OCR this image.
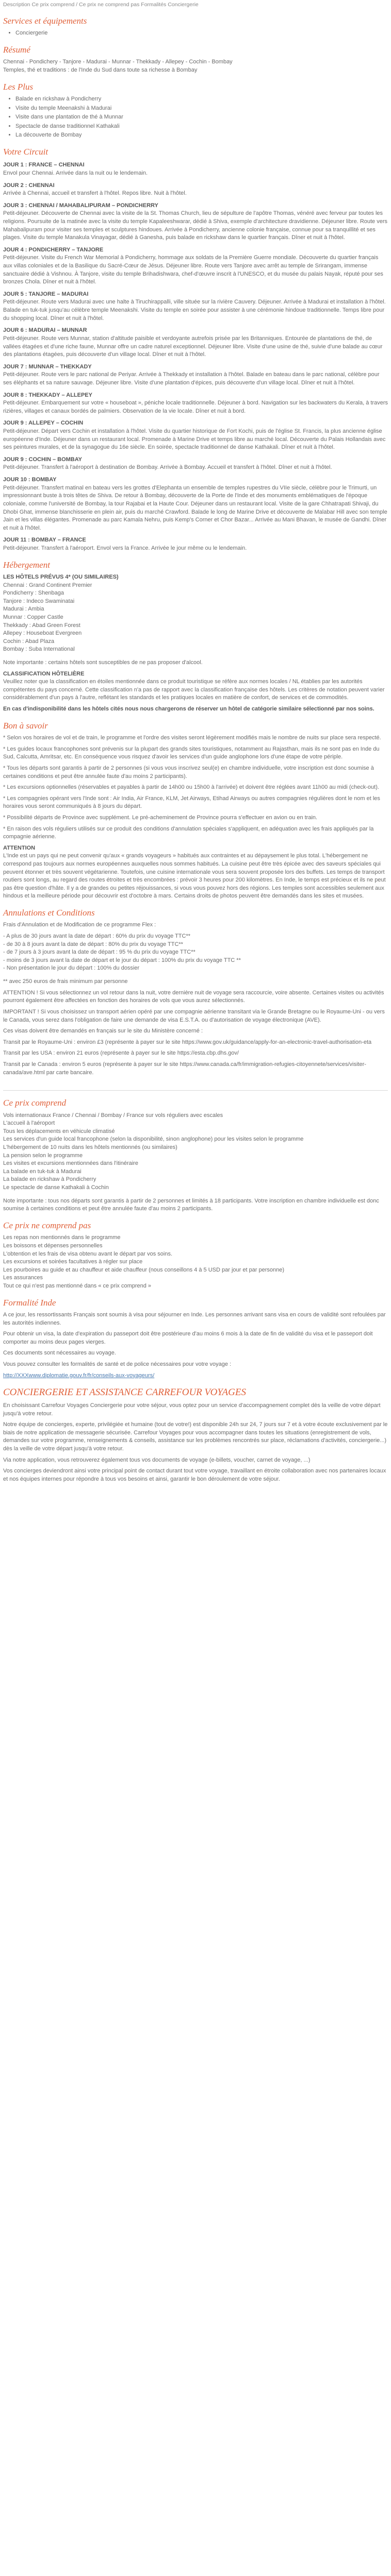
Description Ce prix comprend / Ce prix ne comprend pas Formalités Conciergerie
Services et équipements
• Conciergerie
Résumé

Chennai - Pondichery - Tanjore - Madurai - Munnar - Thekkady - Allepey - Cochin - Bombay
Temples, thé et traditions : de l'Inde du Sud dans toute sa richesse à Bombay

Les Plus
• Balade en rickshaw à Pondicherry
• Visite du temple Meenakshi à Madurai
• Visite dans une plantation de thé à Munnar
• Spectacle de danse traditionnel Kathakali
• La découverte de Bombay
Votre Circuit
JOUR 1 : FRANCE – CHENNAI

Envol pour Chennai. Arrivée dans la nuit ou le lendemain.

JOUR 2 : CHENNAI

Arrivée à Chennai, accueil et transfert à l'hôtel. Repos libre. Nuit à l'hôtel.

JOUR 3 : CHENNAI / MAHABALIPURAM – PONDICHERRY

Petit-déjeuner. Découverte de Chennai avec la visite de la St. Thomas Church, lieu de sépulture de l'apôtre Thomas, vénéré avec ferveur par toutes les religions. Poursuite de la matinée avec la visite du temple Kapaleeshwarar, dédié à Shiva, exemple d'architecture dravidienne. Déjeuner libre. Route vers Mahabalipuram pour visiter ses temples et sculptures hindoues. Arrivée à Pondicherry, ancienne colonie française, connue pour sa tranquillité et ses plages. Visite du temple Manakula Vinayagar, dédié à Ganesha, puis balade en rickshaw dans le quartier français. Dîner et nuit à l'hôtel.

JOUR 4 : PONDICHERRY – TANJORE

Petit-déjeuner. Visite du French War Memorial à Pondicherry, hommage aux soldats de la Première Guerre mondiale. Découverte du quartier français aux villas coloniales et de la Basilique du Sacré-Cœur de Jésus. Déjeuner libre. Route vers Tanjore avec arrêt au temple de Srirangam, immense sanctuaire dédié à Vishnou. À Tanjore, visite du temple Brihadishwara, chef-d'œuvre inscrit à l'UNESCO, et du musée du palais Nayak, réputé pour ses bronzes Chola. Dîner et nuit à l'hôtel.

JOUR 5 : TANJORE – MADURAI

Petit-déjeuner. Route vers Madurai avec une halte à Tiruchirappalli, ville située sur la rivière Cauvery. Déjeuner. Arrivée à Madurai et installation à l'hôtel. Balade en tuk-tuk jusqu'au célèbre temple Meenakshi. Visite du temple en soirée pour assister à une cérémonie hindoue traditionnelle. Temps libre pour du shopping local. Dîner et nuit à l'hôtel.

JOUR 6 : MADURAI – MUNNAR

Petit-déjeuner. Route vers Munnar, station d'altitude paisible et verdoyante autrefois prisée par les Britanniques. Entourée de plantations de thé, de vallées étagées et d'une riche faune, Munnar offre un cadre naturel exceptionnel. Déjeuner libre. Visite d'une usine de thé, suivie d'une balade au cœur des plantations étagées, puis découverte d'un village local. Dîner et nuit à l'hôtel.

JOUR 7 : MUNNAR – THEKKADY

Petit-déjeuner. Route vers le parc national de Periyar. Arrivée à Thekkady et installation à l'hôtel. Balade en bateau dans le parc national, célèbre pour ses éléphants et sa nature sauvage. Déjeuner libre. Visite d'une plantation d'épices, puis découverte d'un village local. Dîner et nuit à l'hôtel.

JOUR 8 : THEKKADY – ALLEPEY

Petit-déjeuner. Embarquement sur votre « houseboat », péniche locale traditionnelle. Déjeuner à bord. Navigation sur les backwaters du Kerala, à travers rizières, villages et canaux bordés de palmiers. Observation de la vie locale. Dîner et nuit à bord.

JOUR 9 : ALLEPEY – COCHIN

Petit-déjeuner. Départ vers Cochin et installation à l'hôtel. Visite du quartier historique de Fort Kochi, puis de l'église St. Francis, la plus ancienne église européenne d'Inde. Déjeuner dans un restaurant local. Promenade à Marine Drive et temps libre au marché local. Découverte du Palais Hollandais avec ses peintures murales, et de la synagogue du 16e siècle. En soirée, spectacle traditionnel de danse Kathakali. Dîner et nuit à l'hôtel.

JOUR 9 : COCHIN – BOMBAY

Petit-déjeuner. Transfert à l'aéroport à destination de Bombay. Arrivée à Bombay. Accueil et transfert à l'hôtel. Dîner et nuit à l'hôtel.

JOUR 10 : BOMBAY

Petit-déjeuner. Transfert matinal en bateau vers les grottes d'Elephanta un ensemble de temples rupestres du VIIe siècle, célèbre pour le Trimurti, un impressionnant buste à trois têtes de Shiva. De retour à Bombay, découverte de la Porte de l'Inde et des monuments emblématiques de l'époque coloniale, comme l'université de Bombay, la tour Rajabai et la Haute Cour. Déjeuner dans un restaurant local. Visite de la gare Chhatrapati Shivaji, du Dhobi Ghat, immense blanchisserie en plein air, puis du marché Crawford. Balade le long de Marine Drive et découverte de Malabar Hill avec son temple Jain et les villas élégantes. Promenade au parc Kamala Nehru, puis Kemp's Corner et Chor Bazar... Arrivée au Mani Bhavan, le musée de Gandhi. Dîner et nuit à l'hôtel.

JOUR 11 : BOMBAY – FRANCE

Petit-déjeuner. Transfert à l'aéroport. Envol vers la France. Arrivée le jour même ou le lendemain.

Hébergement
LES HÔTELS PRÉVUS 4* (OU SIMILAIRES)
Chennai : Grand Continent Premier
Pondicherry : Shenbaga
Tanjore : Indeco Swaminatai
Madurai : Ambia
Munnar : Copper Castle
Thekkady : Abad Green Forest
Allepey : Houseboat Evergreen
Cochin : Abad Plaza
Bombay : Suba International

Note importante : certains hôtels sont susceptibles de ne pas proposer d'alcool.

CLASSIFICATION HÔTELIÈRE

Veuillez noter que la classification en étoiles mentionnée dans ce produit touristique se réfère aux normes locales / NL établies par les autorités compétentes du pays concerné. Cette classification n'a pas de rapport avec la classification française des hôtels. Les critères de notation peuvent varier considérablement d'un pays à l'autre, reflétant les standards et les pratiques locales en matière de confort, de services et de commodités.

En cas d'indisponibilité dans les hôtels cités nous nous chargerons de réserver un hôtel de catégorie similaire sélectionné par nos soins.

Bon à savoir

* Selon vos horaires de vol et de train, le programme et l'ordre des visites seront légèrement modifiés mais le nombre de nuits sur place sera respecté.

* Les guides locaux francophones sont prévenis sur la plupart des grands sites touristiques, notamment au Rajasthan, mais ils ne sont pas en Inde du Sud, Calcutta, Amritsar, etc. En conséquence vous risquez d'avoir les services d'un guide anglophone lors d'une étape de votre périple.

* Tous les départs sont garantis à partir de 2 personnes (si vous vous inscrivez seul(e) en chambre individuelle, votre inscription est donc soumise à certaines conditions et peut être annulée faute d'au moins 2 participants).

* Les excursions optionnelles (réservables et payables à partir de 14h00 ou 15h00 à l'arrivée) et doivent être réglées avant 11h00 au midi (check-out).

* Les compagnies opérant vers l'Inde sont : Air India, Air France, KLM, Jet Airways, Etihad Airways ou autres compagnies régulières dont le nom et les horaires vous seront communiqués à 8 jours du départ.

* Possibilité départs de Province avec supplément. Le pré-acheminement de Province pourra s'effectuer en avion ou en train.

* En raison des vols réguliers utilisés sur ce produit des conditions d'annulation spéciales s'appliquent, en adéquation avec les frais appliqués par la compagnie aérienne.

ATTENTION

L'Inde est un pays qui ne peut convenir qu'aux « grands voyageurs » habitués aux contraintes et au dépaysement le plus total. L'hébergement ne correspond pas toujours aux normes européennes auxquelles nous sommes habitués. La cuisine peut être très épicée avec des saveurs spéciales qui peuvent étonner et très souvent végétarienne. Toutefois, une cuisine internationale vous sera souvent proposée lors des buffets. Les temps de transport routiers sont longs, au regard des routes étroites et très encombrées : prévoir 3 heures pour 200 kilomètres. En Inde, le temps est précieux et ils ne peut pas être question d'hâte. Il y a de grandes ou petites réjouissances, si vous vous pouvez hors des régions. Les temples sont accessibles seulement aux hindous et la meilleure période pour découvrir est d'octobre à mars. Certains droits de photos peuvent être demandés dans les sites et musées.

Annulations et Conditions

Frais d'Annulation et de Modification de ce programme Flex :

- A plus de 30 jours avant la date de départ : 60% du prix du voyage TTC**
- de 30 à 8 jours avant la date de départ : 80% du prix du voyage TTC**
- de 7 jours à 3 jours avant la date de départ : 95 % du prix du voyage TTC**
- moins de 3 jours avant la date de départ et le jour du départ : 100% du prix du voyage TTC **
- Non présentation le jour du départ : 100% du dossier

** avec 250 euros de frais minimum par personne

ATTENTION ! Si vous sélectionnez un vol retour dans la nuit, votre dernière nuit de voyage sera raccourcie, voire absente. Certaines visites ou activités pourront également être affectées en fonction des horaires de vols que vous aurez sélectionnés.

IMPORTANT ! Si vous choisissez un transport aérien opéré par une compagnie aérienne transitant via le Grande Bretagne ou le Royaume-Uni - ou vers le Canada, vous serez dans l'obligation de faire une demande de visa E.S.T.A. ou d'autorisation de voyage électronique (AVE).

Ces visas doivent être demandés en français sur le site du Ministère concerné :

Transit par le Royaume-Uni : environ £3 (représente à payer sur le site https://www.gov.uk/guidance/apply-for-an-electronic-travel-authorisation-eta

Transit par les USA : environ 21 euros (représente à payer sur le site https://esta.cbp.dhs.gov/

Transit par le Canada : environ 5 euros (représente à payer sur le site https://www.canada.ca/fr/immigration-refugies-citoyennete/services/visiter-canada/ave.html par carte bancaire.

Ce prix comprend
Vols internationaux France / Chennai / Bombay / France sur vols réguliers avec escales
L'accueil à l'aéroport
Tous les déplacements en véhicule climatisé
Les services d'un guide local francophone (selon la disponibilité, sinon anglophone) pour les visites selon le programme
L'hébergement de 10 nuits dans les hôtels mentionnés (ou similaires)
La pension selon le programme
Les visites et excursions mentionnées dans l'itinéraire
La balade en tuk-tuk à Madurai
La balade en rickshaw à Pondicherry
Le spectacle de danse Kathakali à Cochin

Note importante : tous nos départs sont garantis à partir de 2 personnes et limités à 18 participants. Votre inscription en chambre individuelle est donc soumise à certaines conditions et peut être annulée faute d'au moins 2 participants.

Ce prix ne comprend pas
Les repas non mentionnés dans le programme
Les boissons et dépenses personnelles
L'obtention et les frais de visa obtenu avant le départ par vos soins.
Les excursions et soirées facultatives à régler sur place
Les pourboires au guide et au chauffeur et aide chauffeur (nous conseillons 4 à 5 USD par jour et par personne)
Les assurances
Tout ce qui n'est pas mentionné dans « ce prix comprend »
Formalité Inde

A ce jour, les ressortissants Français sont soumis à visa pour séjourner en Inde. Les personnes arrivant sans visa en cours de validité sont refoulées par les autorités indiennes.

Pour obtenir un visa, la date d'expiration du passeport doit être postérieure d'au moins 6 mois à la date de fin de validité du visa et le passeport doit comporter au moins deux pages vierges.

Ces documents sont nécessaires au voyage.

Vous pouvez consulter les formalités de santé et de police nécessaires pour votre voyage :

http://XXXwww.diplomatie.gouv.fr/fr/conseils-aux-voyageurs/

CONCIERGERIE ET ASSISTANCE CARREFOUR VOYAGES

En choisissant Carrefour Voyages Conciergerie pour votre séjour, vous optez pour un service d'accompagnement complet dès la veille de votre départ jusqu'à votre retour.

Notre équipe de concierges, experte, privilégiée et humaine (tout de votre!) est disponible 24h sur 24, 7 jours sur 7 et à votre écoute exclusivement par le biais de notre application de messagerie sécurisée. Carrefour Voyages pour vous accompagner dans toutes les situations (enregistrement de vols, demandes sur votre programme, renseignements & conseils, assistance sur les problèmes rencontrés sur place, réclamations d'activités, conciergerie...) dès la veille de votre départ jusqu'à votre retour.

Via notre application, vous retrouverez également tous vos documents de voyage (e-billets, voucher, carnet de voyage, ...)

Vos concierges deviendront ainsi votre principal point de contact durant tout votre voyage, travaillant en étroite collaboration avec nos partenaires locaux et nos équipes internes pour répondre à tous vos besoins et ainsi, garantir le bon déroulement de votre séjour.
